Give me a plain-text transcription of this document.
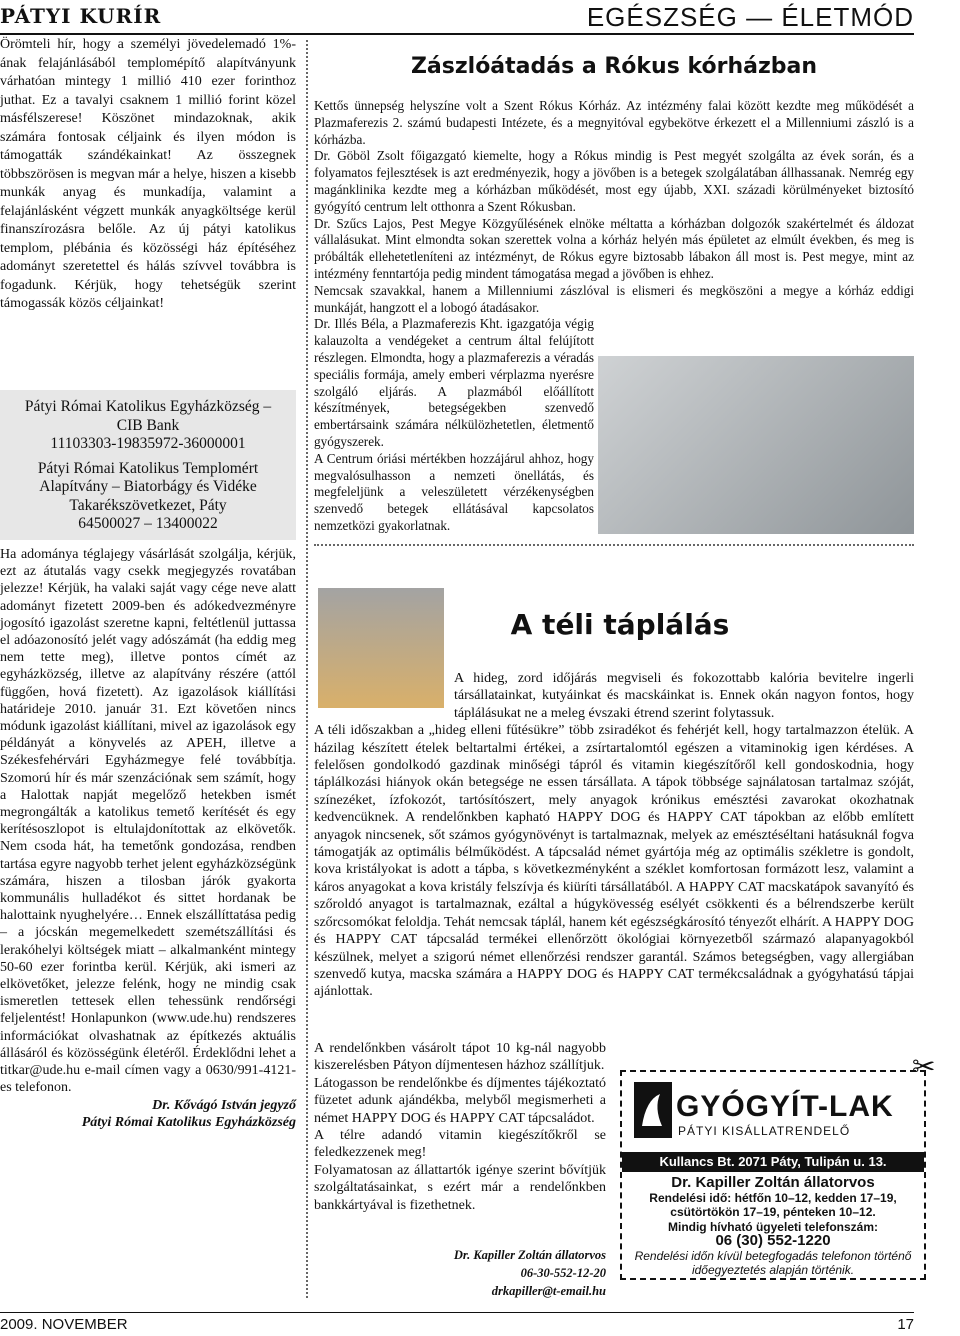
PÁTYI KURÍR	EGÉSZSÉG — ÉLETMÓD

Örömteli hír, hogy a személyi jövedelemadó 1%-ának felajánlásából templomépítő alapítványunk várhatóan mintegy 1 millió 410 ezer forinthoz juthat. Ez a tavalyi csaknem 1 millió forint közel másfélszerese! Köszönet mindazoknak, akik számára fontosak céljaink és ilyen módon is támogatták szándékainkat! Az összegnek többszörösen is megvan már a helye, hiszen a kisebb munkák anyag és munkadíja, valamint a felajánlásként végzett munkák anyagköltsége kerül finanszírozásra belőle. Az új pátyi katolikus templom, plébánia és közösségi ház építéséhez adományt szeretettel és hálás szívvel továbbra is fogadunk. Kérjük, hogy tehetségük szerint támogassák közös céljainkat!

Pátyi Római Katolikus Egyházközség –

CIB Bank

11103303-19835972-36000001

Pátyi Római Katolikus Templomért

Alapítvány – Biatorbágy és Vidéke

Takarékszövetkezet, Páty

64500027 – 13400022

Ha adománya téglajegy vásárlását szolgálja, kérjük, ezt az átutalás vagy csekk megjegyzés rovatában jelezze! Kérjük, ha valaki saját vagy cége neve alatt adományt fizetett 2009-ben és adókedvezményre jogosító igazolást szeretne kapni, feltétlenül juttassa el adóazonosító jelét vagy adószámát (ha eddig meg nem tette meg), illetve pontos címét az egyházközség, illetve az alapítvány részére (attól függően, hová fizetett). Az igazolások kiállítási határideje 2010. január 31. Ezt követően nincs módunk igazolást kiállítani, mivel az igazolások egy példányát a könyvelés az APEH, illetve a Székesfehérvári Egyházmegye felé továbbítja. Szomorú hír és már szenzációnak sem számít, hogy a Halottak napját megelőző hetekben ismét megrongálták a katolikus temető kerítését és egy kerítésoszlopot is eltulajdonítottak az elkövetők. Nem csoda hát, ha temetőnk gondozása, rendben tartása egyre nagyobb terhet jelent egyházközségünk számára, hiszen a tilosban járók gyakorta kommunális hulladékot és sittet hordanak be halottaink nyughelyére… Ennek elszállíttatása pedig – a jócskán megemelkedett szemétszállítási és lerakóhelyi költségek miatt – alkalmanként mintegy 50-60 ezer forintba kerül. Kérjük, aki ismeri az elkövetőket, jelezze felénk, hogy ne mindig csak ismeretlen tettesek ellen tehessünk rendőrségi feljelentést! Honlapunkon (www.ude.hu) rendszeres információkat olvashatnak az építkezés aktuális állásáról és közösségünk életéről. Érdeklődni lehet a titkar@ude.hu e-mail címen vagy a 0630/991-4121-es telefonon.

Dr. Kővágó István jegyző
Pátyi Római Katolikus Egyházközség
Zászlóátadás a Rókus kórházban

Kettős ünnepség helyszíne volt a Szent Rókus Kórház. Az intézmény falai között kezdte meg működését a Plazmaferezis 2. számú budapesti Intézete, és a megnyitóval egybekötve érkezett el a Millenniumi zászló is a kórházba.

Dr. Göböl Zsolt főigazgató kiemelte, hogy a Rókus mindig is Pest megyét szolgálta az évek során, és a folyamatos fejlesztések is azt eredményezik, hogy a jövőben is a betegek szolgálatában állhassanak. Nemrég egy magánklinika kezdte meg a kórházban működését, most egy újabb, XXI. századi körülményeket biztosító gyógyító centrum lelt otthonra a Szent Rókusban.

Dr. Szűcs Lajos, Pest Megye Közgyűlésének elnöke méltatta a kórházban dolgozók szakértelmét és áldozat vállalásukat. Mint elmondta sokan szerettek volna a kórház helyén más épületet az elmúlt években, és meg is próbálták ellehetetleníteni az intézményt, de Rókus egyre biztosabb lábakon áll most is. Pest megye, mint az intézmény fenntartója pedig mindent támogatása megad a jövőben is ehhez.

Nemcsak szavakkal, hanem a Millenniumi zászlóval is elismeri és megköszöni a megye a kórház eddigi munkáját, hangzott el a lobogó átadásakor.

Dr. Illés Béla, a Plazmaferezis Kht. igazgatója végig kalauzolta a vendégeket a centrum által felújított részlegen. Elmondta, hogy a plazmaferezis a véradás speciális formája, amely emberi vérplazma nyerésre szolgáló eljárás. A plazmából előállított készítmények, betegségekben szenvedő embertársaink számára nélkülözhetetlen, életmentő gyógyszerek.

A Centrum óriási mértékben hozzájárul ahhoz, hogy megvalósulhasson a nemzeti önellátás, és megfeleljünk a veleszületett vérzékenységben szenvedő betegek ellátásával kapcsolatos nemzetközi gyakorlatnak.

A téli táplálás

A hideg, zord időjárás megviseli és fokozottabb kalória bevitelre ingerli társállatainkat, kutyáinkat és macskáinkat is. Ennek okán nagyon fontos, hogy táplálásukat ne a meleg évszaki étrend szerint folytassuk.

A téli időszakban a „hideg elleni fűtésükre” több zsiradékot és fehérjét kell, hogy tartalmazzon ételük. A házilag készített ételek beltartalmi értékei, a zsírtartalomtól egészen a vitaminokig igen kérdéses. A felelősen gondolkodó gazdinak minőségi tápról és vitamin kiegészítőről kell gondoskodnia, hogy táplálkozási hiányok okán betegsége ne essen társállata. A tápok többsége sajnálatosan tartalmaz szóját, színezéket, ízfokozót, tartósítószert, mely anyagok krónikus emésztési zavarokat okozhatnak kedvencüknek. A rendelőnkben kapható HAPPY DOG és HAPPY CAT tápokban az előbb említett anyagok nincsenek, sőt számos gyógynövényt is tartalmaznak, melyek az emésztéséltani hatásuknál fogva támogatják az optimális bélműködést. A tápcsalád német gyártója még az optimális székletre is gondolt, kova kristályokat is adott a tápba, s következményként a széklet komfortosan formázott lesz, valamint a káros anyagokat a kova kristály felszívja és kiüríti társállatából. A HAPPY CAT macskatápok savanyító és szőroldó anyagot is tartalmaznak, ezáltal a húgykövesség esélyét csökkenti és a bélrendszerbe került szőrcsomókat feloldja. Tehát nemcsak táplál, hanem két egészségkárosító tényezőt elhárít. A HAPPY DOG és HAPPY CAT tápcsalád termékei ellenőrzött ökológiai környezetből származó alapanyagokból készülnek, melyet a szigorú német ellenőrzési rendszer garantál. Számos betegségben, vagy allergiában szenvedő kutya, macska számára a HAPPY DOG és HAPPY CAT termékcsaládnak a gyógyhatású tápjai ajánlottak.

A rendelőnkben vásárolt tápot 10 kg-nál nagyobb kiszerelésben Pátyon díjmentesen házhoz szállítjuk.

Látogasson be rendelőnkbe és díjmentes tájékoztató füzetet adunk ajándékba, melyből megismerheti a német HAPPY DOG és HAPPY CAT tápcsaládot.

A télre adandó vitamin kiegészítőkről se feledkezzenek meg!

Folyamatosan az állattartók igénye szerint bővítjük szolgáltatásainkat, s ezért már a rendelőnkben bankkártyával is fizethetnek.

Dr. Kapiller Zoltán állatorvos
06-30-552-12-20
drkapiller@t-email.hu
✂
GYÓGYÍT-LAK
PÁTYI KISÁLLATRENDELŐ
Kullancs Bt. 2071 Páty, Tulipán u. 13.
Dr. Kapiller Zoltán állatorvos
Rendelési idő: hétfőn 10–12, kedden 17–19,
csütörtökön 17–19, pénteken 10–12.
Mindig hívható ügyeleti telefonszám:
06 (30) 552-1220
Rendelési időn kívül betegfogadás telefonon történő
időegyeztetés alapján történik.
2009. NOVEMBER	17
